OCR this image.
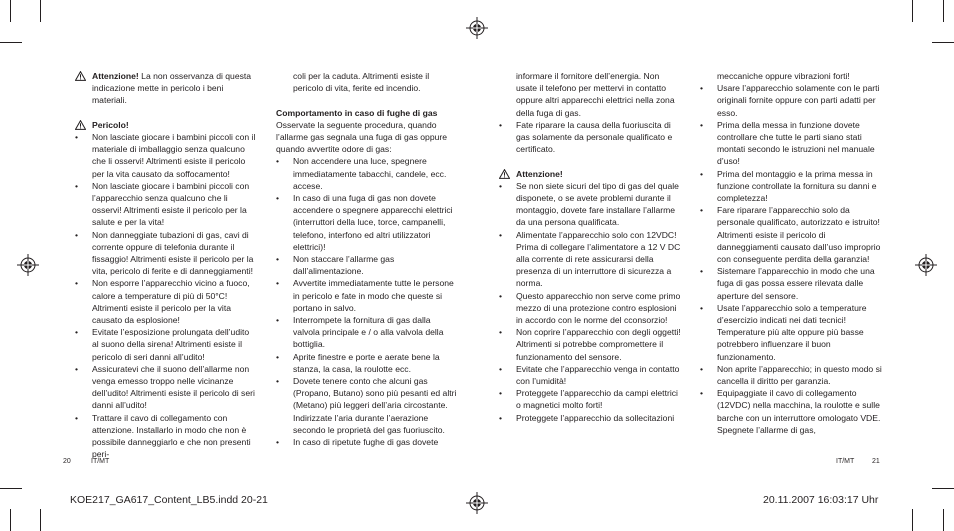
Attenzione! La non osservanza di questa indicazione mette in pericolo i beni materiali.
Pericolo!
• Non lasciate giocare i bambini piccoli con il materiale di imballaggio senza qualcuno che li osservi! Altrimenti esiste il pericolo per la vita causato da soffocamento!
• Non lasciate giocare i bambini piccoli con l’apparecchio senza qualcuno che li osservi! Altrimenti esiste il pericolo per la salute e per la vita!
• Non danneggiate tubazioni di gas, cavi di corrente oppure di telefonia durante il fissaggio! Altrimenti esiste il pericolo per la vita, pericolo di ferite e di danneggiamenti!
• Non esporre l’apparecchio vicino a fuoco, calore a temperature di più di 50°C! Altrimenti esiste il pericolo per la vita causato da esplosione!
• Evitate l’esposizione prolungata dell’udito al suono della sirena! Altrimenti esiste il pericolo di seri danni all’udito!
• Assicuratevi che il suono dell’allarme non venga emesso troppo nelle vicinanze dell’udito! Altrimenti esiste il pericolo di seri danni all’udito!
• Trattare il cavo di collegamento con attenzione. Installarlo in modo che non è possibile danneggiarlo e che non presenti peri-

coli per la caduta. Altrimenti esiste il pericolo di vita, ferite ed incendio.

Comportamento in caso di fughe di gas

Osservate la seguente procedura, quando l’allarme gas segnala una fuga di gas oppure quando avvertite odore di gas:

• Non accendere una luce, spegnere immediatamente tabacchi, candele, ecc. accese.
• In caso di una fuga di gas non dovete accendere o spegnere apparecchi elettrici (interruttori della luce, torce, campanelli, telefono, interfono ed altri utilizzatori elettrici)!
• Non staccare l’allarme gas dall’alimentazione.
• Avvertite immediatamente tutte le persone in pericolo e fate in modo che queste si portano in salvo.
• Interrompete la fornitura di gas dalla valvola principale e / o alla valvola della bottiglia.
• Aprite finestre e porte e aerate bene la stanza, la casa, la roulotte ecc.
• Dovete tenere conto che alcuni gas (Propano, Butano) sono più pesanti ed altri (Metano) più leggeri dell’aria circostante. Indirizzate l’aria durante l’aerazione secondo le proprietà del gas fuoriuscito.
• In caso di ripetute fughe di gas dovete

informare il fornitore dell’energia. Non usate il telefono per mettervi in contatto oppure altri apparecchi elettrici nella zona della fuga di gas.

• Fate riparare la causa della fuoriuscita di gas solamente da personale qualificato e certificato.
Attenzione!
• Se non siete sicuri del tipo di gas del quale disponete, o se avete problemi durante il montaggio, dovete fare installare l’allarme da una persona qualificata.
• Alimentate l’apparecchio solo con 12VDC! Prima di collegare l’alimentatore a 12 V DC alla corrente di rete assicurarsi della presenza di un interruttore di sicurezza a norma.
• Questo apparecchio non serve come primo mezzo di una protezione contro esplosioni in accordo con le norme del cconsorzio!
• Non coprire l’apparecchio con degli oggetti! Altrimenti si potrebbe compromettere il funzionamento del sensore.
• Evitate che l’apparecchio venga in contatto con l’umidità!
• Proteggete l’apparecchio da campi elettrici o magnetici molto forti!
• Proteggete l’apparecchio da sollecitazioni

meccaniche oppure vibrazioni forti!

• Usare l’apparecchio solamente con le parti originali fornite oppure con parti adatti per esso.
• Prima della messa in funzione dovete controllare che tutte le parti siano stati montati secondo le istruzioni nel manuale d’uso!
• Prima del montaggio e la prima messa in funzione controllate la fornitura su danni e completezza!
• Fare riparare l’apparecchio solo da personale qualificato, autorizzato e istruito! Altrimenti esiste il pericolo di danneggiamenti causato dall’uso improprio con conseguente perdita della garanzia!
• Sistemare l’apparecchio in modo che una fuga di gas possa essere rilevata dalle aperture del sensore.
• Usate l’apparecchio solo a temperature d’esercizio indicati nei dati tecnici! Temperature più alte oppure più basse potrebbero influenzare il buon funzionamento.
• Non aprite l’apparecchio; in questo modo si cancella il diritto per garanzia.
• Equipaggiate il cavo di collegamento (12VDC) nella macchina, la roulotte e sulle barche con un interruttore omologato VDE. Spegnete l’allarme di gas,
20	IT/MT	IT/MT	21
KOE217_GA617_Content_LB5.indd 20-21	20.11.2007 16:03:17 Uhr
